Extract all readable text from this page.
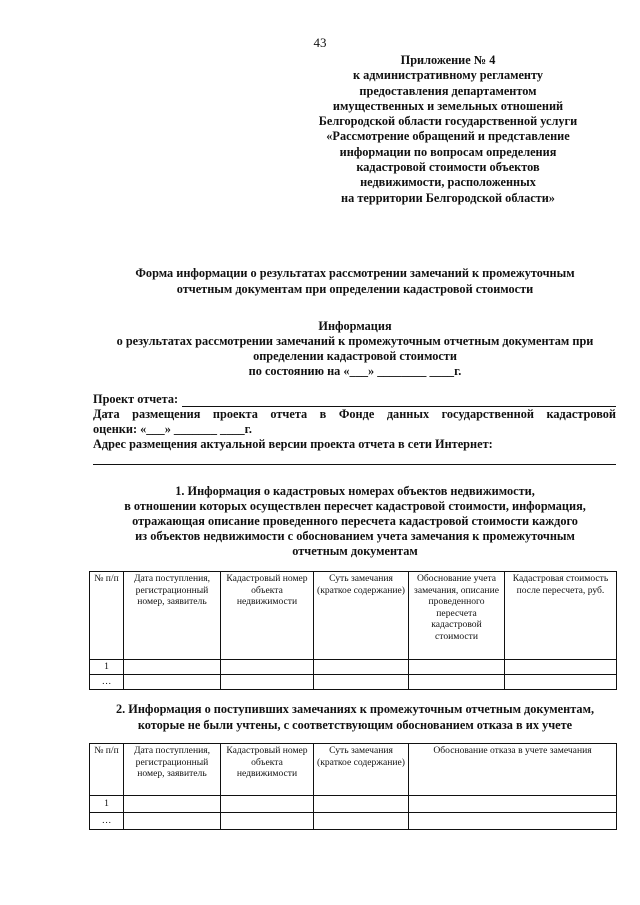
43
Приложение № 4
к административному регламенту
предоставления департаментом
имущественных и земельных отношений
Белгородской области государственной услуги
«Рассмотрение обращений и представление
информации по вопросам определения
кадастровой стоимости объектов
недвижимости, расположенных
на территории Белгородской области»
Форма информации о результатах рассмотрении замечаний к промежуточным
отчетным документам при определении кадастровой стоимости
Информация
о результатах рассмотрении замечаний к промежуточным отчетным документам при
определении кадастровой стоимости
по состоянию на «___» ________ ____г.
Проект отчета:
Дата размещения проекта отчета в Фонде данных государственной кадастровой
оценки: «___» _______ ____г.
Адрес размещения актуальной версии проекта отчета в сети Интернет:
1. Информация о кадастровых номерах объектов недвижимости,
в отношении которых осуществлен пересчет кадастровой стоимости, информация,
отражающая описание проведенного пересчета кадастровой стоимости каждого
из объектов недвижимости с обоснованием учета замечания к промежуточным
отчетным документам
№ п/п	Дата поступления, регистрационный номер, заявитель	Кадастровый номер объекта недвижимости	Суть замечания (краткое содержание)	Обоснование учета замечания, описание проведенного пересчета кадастровой стоимости	Кадастровая стоимость после пересчета, руб.
1					
…					
2. Информация о поступивших замечаниях к промежуточным отчетным документам,
которые не были учтены, с соответствующим обоснованием отказа в их учете
№ п/п	Дата поступления, регистрационный номер, заявитель	Кадастровый номер объекта недвижимости	Суть замечания (краткое содержание)	Обоснование отказа в учете замечания
1				
…				
